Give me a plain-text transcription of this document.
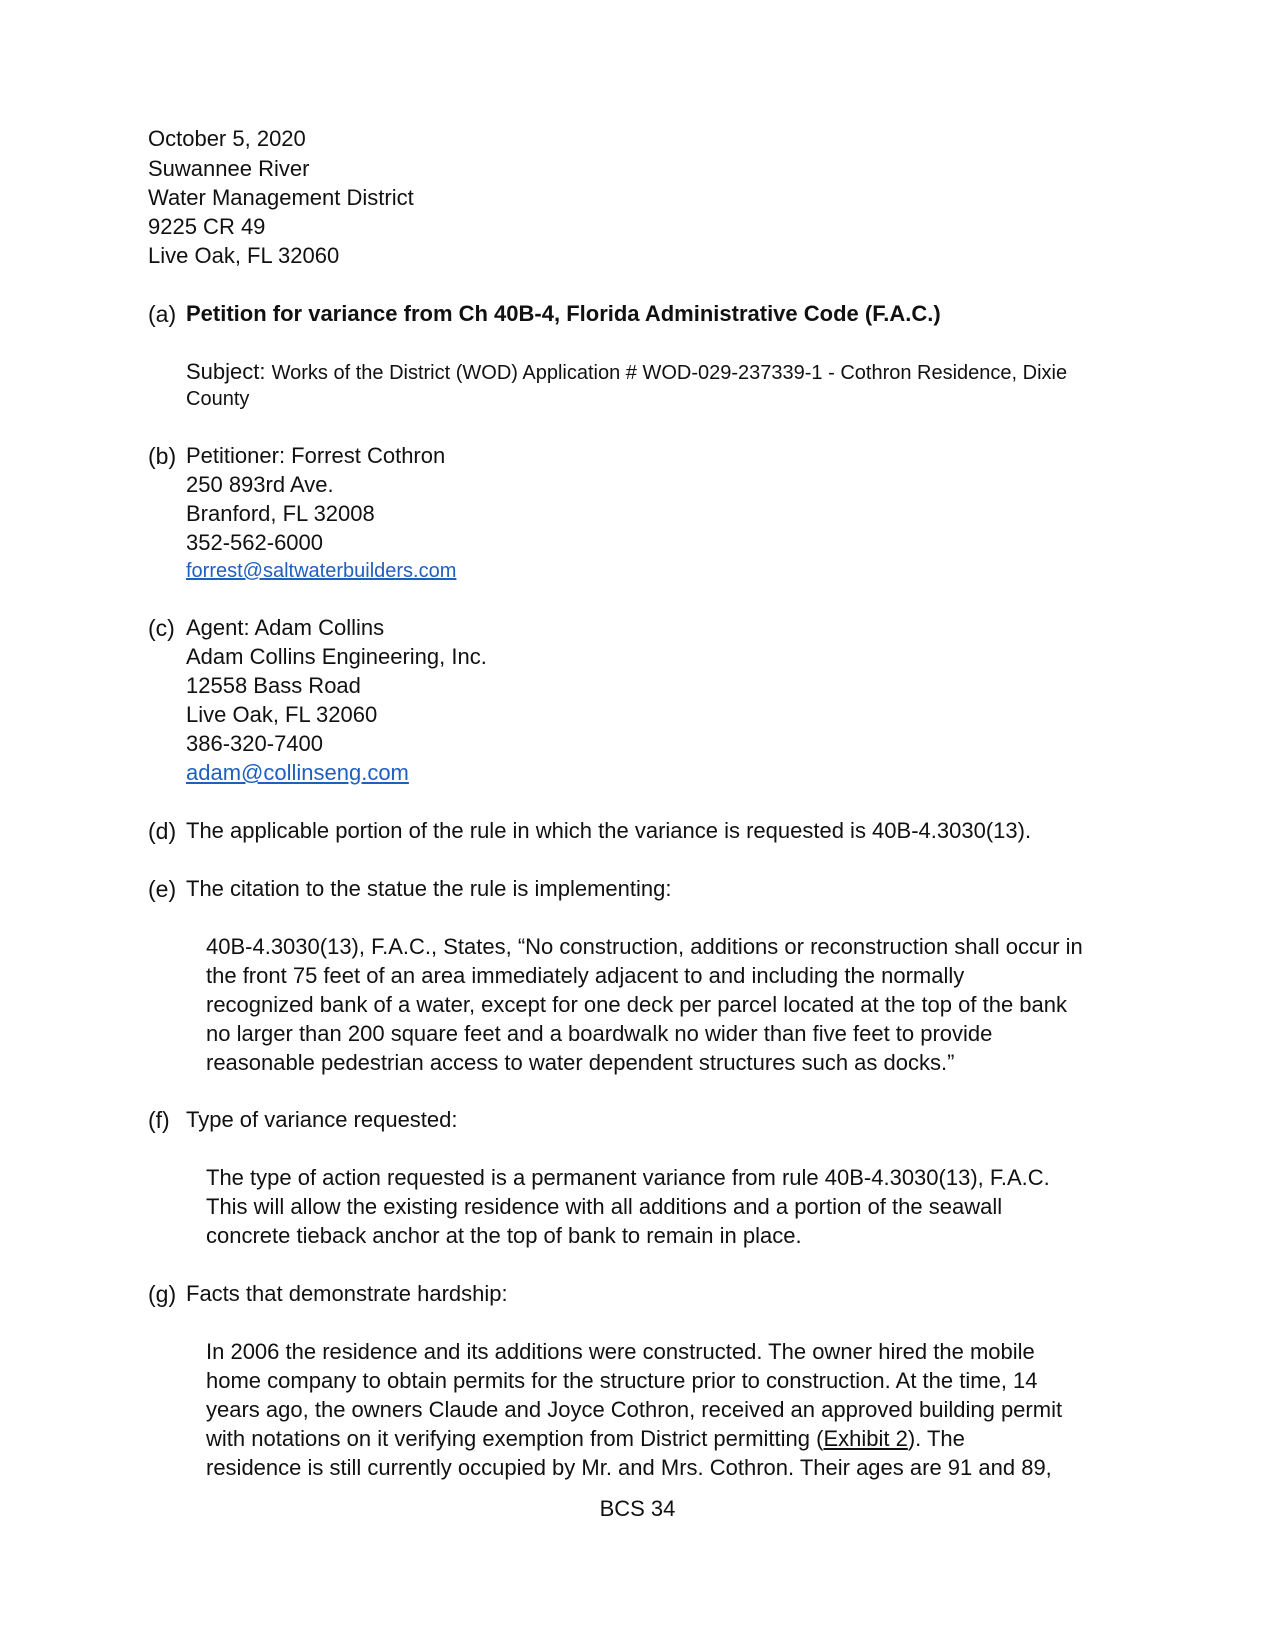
October 5, 2020
Suwannee River
Water Management District
9225 CR 49
Live Oak, FL 32060
(a) Petition for variance from Ch 40B-4, Florida Administrative Code (F.A.C.)
Subject: Works of the District (WOD) Application # WOD-029-237339-1 - Cothron Residence, Dixie
County
(b) Petitioner: Forrest Cothron
250 893rd Ave.
Branford, FL 32008
352-562-6000
forrest@saltwaterbuilders.com
(c) Agent: Adam Collins
Adam Collins Engineering, Inc.
12558 Bass Road
Live Oak, FL 32060
386-320-7400
adam@collinseng.com
(d) The applicable portion of the rule in which the variance is requested is 40B-4.3030(13).
(e) The citation to the statue the rule is implementing:
40B-4.3030(13), F.A.C., States, “No construction, additions or reconstruction shall occur in
the front 75 feet of an area immediately adjacent to and including the normally
recognized bank of a water, except for one deck per parcel located at the top of the bank
no larger than 200 square feet and a boardwalk no wider than five feet to provide
reasonable pedestrian access to water dependent structures such as docks.”
(f) Type of variance requested:
The type of action requested is a permanent variance from rule 40B-4.3030(13), F.A.C.
This will allow the existing residence with all additions and a portion of the seawall
concrete tieback anchor at the top of bank to remain in place.
(g) Facts that demonstrate hardship:
In 2006 the residence and its additions were constructed. The owner hired the mobile
home company to obtain permits for the structure prior to construction. At the time, 14
years ago, the owners Claude and Joyce Cothron, received an approved building permit
with notations on it verifying exemption from District permitting (Exhibit 2). The
residence is still currently occupied by Mr. and Mrs. Cothron. Their ages are 91 and 89,
BCS 34
